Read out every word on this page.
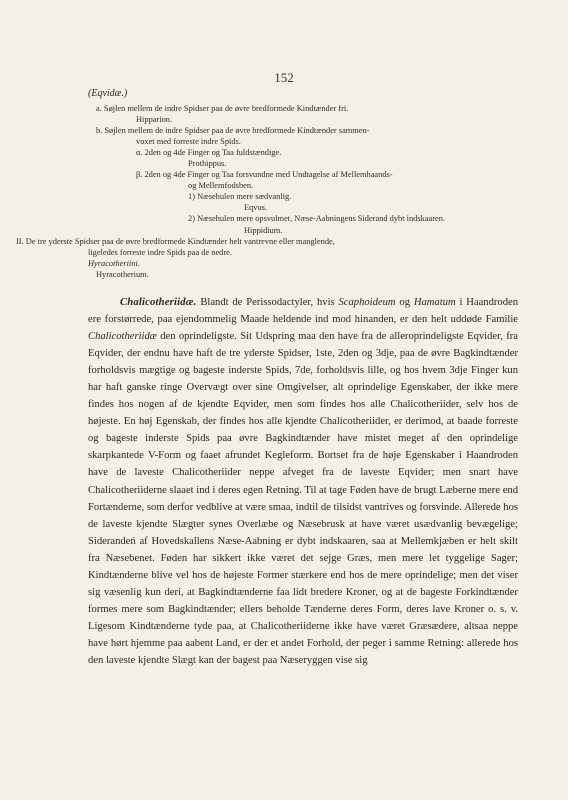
152
(Eqvidæ.)
a. Søjlen mellem de indre Spidser paa de øvre bredformede Kindtænder fri.
Hipparion.
b. Søjlen mellem de indre Spidser paa de øvre bredformede Kindtænder sammen-
voxet med forreste indre Spids.
α. 2den og 4de Finger og Taa fuldstændige.
Prothippus.
β. 2den og 4de Finger og Taa forsvundne med Undtagelse af Mellemhaands-
og Mellemfodsben.
1) Næsehulen mere sædvanlig.
Eqvus.
2) Næsehulen mere opsvulmet, Næse-Aabningens Siderand dybt indskaaren.
Hippidium.
II. De tre yderste Spidser paa de øvre bredformede Kindtænder helt vantrevne eller manglende,
ligeledes forreste indre Spids paa de nedre.
Hyracotheriini.
Hyracotherium.

Chalicotheriidæ. Blandt de Perissodactyler, hvis Scaphoideum og Hamatum i Haandroden ere forstørrede, paa ejendommelig Maade heldende ind mod hinanden, er den helt uddøde Familie Chalicotheriidæ den oprindeligste. Sit Udspring maa den have fra de alleroprindeligste Eqvider, fra Eqvider, der endnu have haft de tre yderste Spidser, 1ste, 2den og 3dje, paa de øvre Bagkindtænder forholdsvis mægtige og bageste inderste Spids, 7de, forholdsvis lille, og hos hvem 3dje Finger kun har haft ganske ringe Overvægt over sine Omgivelser, alt oprindelige Egenskaber, der ikke mere findes hos nogen af de kjendte Eqvider, men som findes hos alle Chalicotheriider, selv hos de højeste. En høj Egenskab, der findes hos alle kjendte Chalicotheriider, er derimod, at baade forreste og bageste inderste Spids paa øvre Bagkindtænder have mistet meget af den oprindelige skarpkantede V-Form og faaet afrundet Kegleform. Bortset fra de høje Egenskaber i Haandroden have de laveste Chalicotheriider neppe afveget fra de laveste Eqvider; men snart have Chalicotheriiderne slaaet ind i deres egen Retning. Til at tage Føden have de brugt Læberne mere end Fortænderne, som derfor vedblive at være smaa, indtil de tilsidst vantrives og forsvinde. Allerede hos de laveste kjendte Slægter synes Overlæbe og Næsebrusk at have været usædvanlig bevægelige; Siderandeń af Hovedskallens Næse-Aabning er dybt indskaaren, saa at Mellemkjæben er helt skilt fra Næsebenet. Føden har sikkert ikke været det sejge Græs, men mere let tyggelige Sager; Kindtænderne blive vel hos de højeste Former stærkere end hos de mere oprindelige; men det viser sig væsenlig kun deri, at Bagkindtænderne faa lidt bredere Kroner, og at de bageste Forkindtænder formes mere som Bagkindtænder; ellers beholde Tænderne deres Form, deres lave Kroner o. s. v. Ligesom Kindtænderne tyde paa, at Chalicotheriiderne ikke have været Græsædere, altsaa neppe have hørt hjemme paa aabent Land, er der et andet Forhold, der peger i samme Retning: allerede hos den laveste kjendte Slægt kan der bagest paa Næseryggen vise sig
